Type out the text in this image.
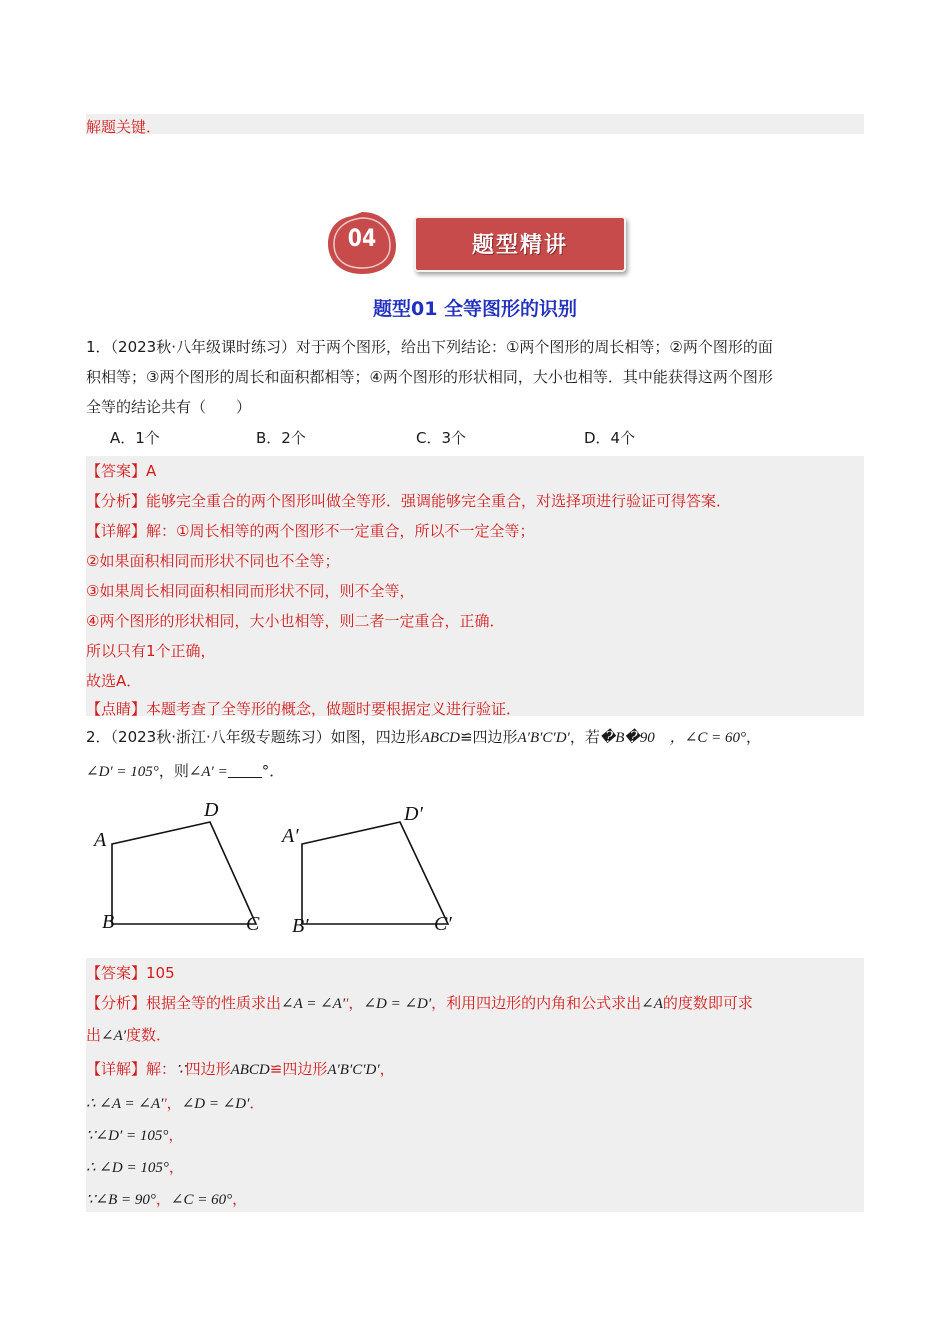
解题关键．
04	题型精讲
题型01 全等图形的识别
1．（2023秋·八年级课时练习）对于两个图形，给出下列结论：①两个图形的周长相等；②两个图形的面
积相等；③两个图形的周长和面积都相等；④两个图形的形状相同，大小也相等．其中能获得这两个图形
全等的结论共有（　　）
A．1个	B．2个	C．3个	D．4个
【答案】A
【分析】能够完全重合的两个图形叫做全等形．强调能够完全重合，对选择项进行验证可得答案．
【详解】解：①周长相等的两个图形不一定重合，所以不一定全等；
②如果面积相同而形状不同也不全等；
③如果周长相同面积相同而形状不同，则不全等，
④两个图形的形状相同，大小也相等，则二者一定重合，正确．
所以只有1个正确，
故选A．
【点睛】本题考查了全等形的概念，做题时要根据定义进行验证．
2．（2023秋·浙江·八年级专题练习）如图，四边形ABCD≌四边形A′B′C′D′，若�B�90　，∠C = 60°，
∠D′ = 105°，则∠A′ = °．
A
D
B	C
A′
D′
B′	C′
【答案】105
【分析】根据全等的性质求出∠A = ∠A′′，∠D = ∠D′，利用四边形的内角和公式求出∠A的度数即可求
出∠A′度数．
【详解】解：∵四边形ABCD≌四边形A′B′C′D′，
∴ ∠A = ∠A′′，∠D = ∠D′．
∵∠D′ = 105°，
∴ ∠D = 105°，
∵∠B = 90°，∠C = 60°，
